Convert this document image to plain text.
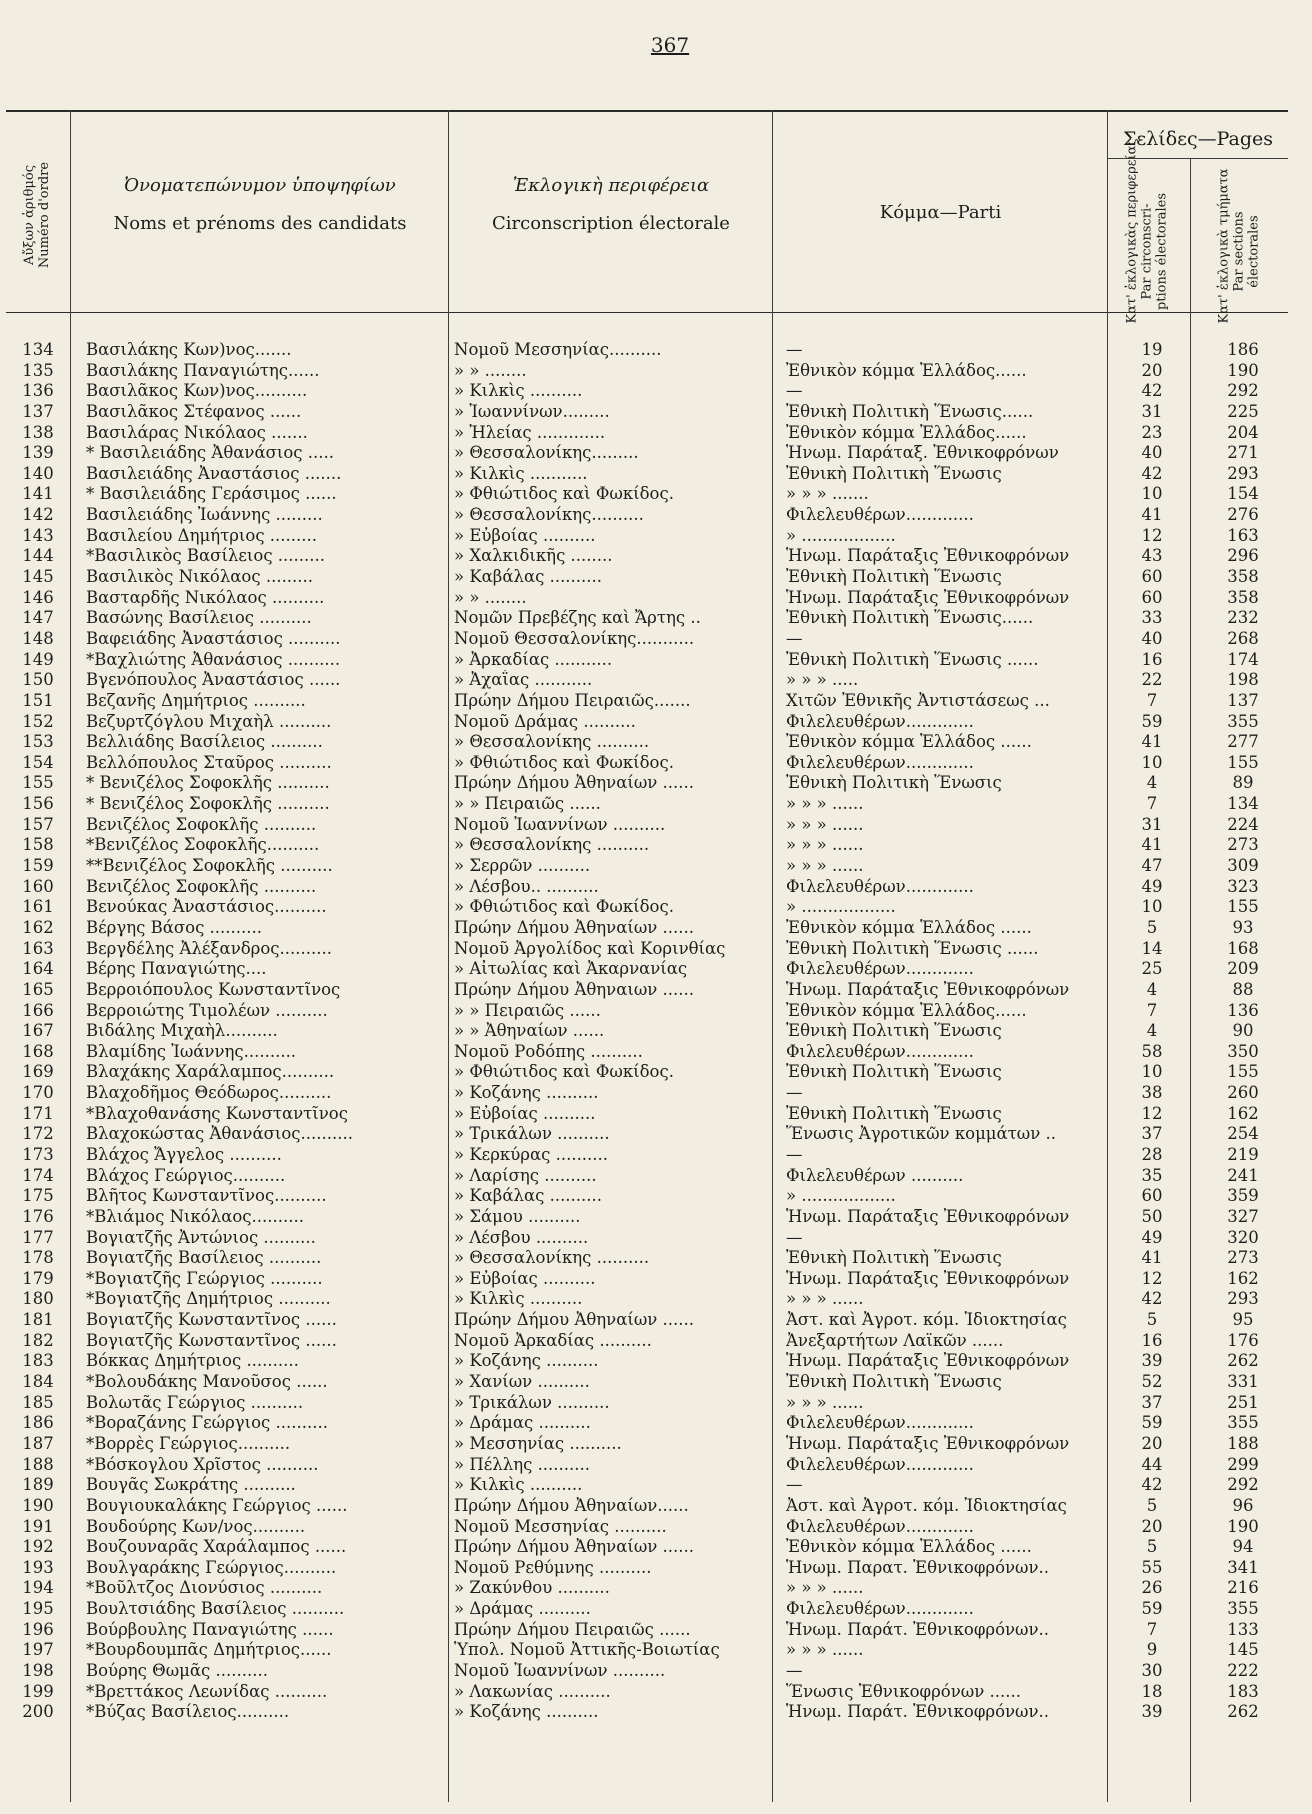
367
Αὔξων ἀριθμός Numéro d'ordre	Ὀνοματεπώνυμον ὑποψηφίων
Noms et prénoms des candidats
Ἐκλογικὴ περιφέρεια
Circonscription électorale
Κόμμα—Parti
Σελίδες—Pages
Κατ' ἐκλογικὰς περιφερείας Par circonscri- ptions électorales	Κατ' ἐκλογικὰ τμήματα Par sections électorales
134	Βασιλάκης Κων)νος.......	Νομοῦ Μεσσηνίας..........	—	19	186
135	Βασιλάκης Παναγιώτης......	» » ........	Ἐθνικὸν κόμμα Ἑλλάδος......	20	190
136	Βασιλᾶκος Κων)νος..........	» Κιλκὶς ..........	—	42	292
137	Βασιλᾶκος Στέφανος ......	» Ἰωαννίνων.........	Ἐθνικὴ Πολιτικὴ Ἕνωσις......	31	225
138	Βασιλάρας Νικόλαος .......	» Ἠλείας .............	Ἐθνικὸν κόμμα Ἑλλάδος......	23	204
139	* Βασιλειάδης Ἀθανάσιος .....	» Θεσσαλονίκης.........	Ἡνωμ. Παράταξ. Ἐθνικοφρόνων	40	271
140	Βασιλειάδης Ἀναστάσιος .......	» Κιλκὶς ...........	Ἐθνικὴ Πολιτικὴ Ἕνωσις	42	293
141	* Βασιλειάδης Γεράσιμος ......	» Φθιώτιδος καὶ Φωκίδος.	» » » .......	10	154
142	Βασιλειάδης Ἰωάννης .........	» Θεσσαλονίκης..........	Φιλελευθέρων.............	41	276
143	Βασιλείου Δημήτριος .........	» Εὐβοίας ..........	» ..................	12	163
144	*Βασιλικὸς Βασίλειος .........	» Χαλκιδικῆς ........	Ἡνωμ. Παράταξις Ἐθνικοφρόνων	43	296
145	Βασιλικὸς Νικόλαος .........	» Καβάλας ..........	Ἐθνικὴ Πολιτικὴ Ἕνωσις	60	358
146	Βασταρδῆς Νικόλαος ..........	» » ........	Ἡνωμ. Παράταξις Ἐθνικοφρόνων	60	358
147	Βασώνης Βασίλειος ..........	Νομῶν Πρεβέζης καὶ Ἄρτης ..	Ἐθνικὴ Πολιτικὴ Ἕνωσις......	33	232
148	Βαφειάδης Ἀναστάσιος ..........	Νομοῦ Θεσσαλονίκης...........	—	40	268
149	*Βαχλιώτης Ἀθανάσιος ..........	» Ἀρκαδίας ...........	Ἐθνικὴ Πολιτικὴ Ἕνωσις ......	16	174
150	Βγενόπουλος Ἀναστάσιος ......	» Ἀχαΐας ...........	» » » .....	22	198
151	Βεζανῆς Δημήτριος ..........	Πρώην Δήμου Πειραιῶς.......	Χιτῶν Ἐθνικῆς Ἀντιστάσεως ...	7	137
152	Βεζυρτζόγλου Μιχαὴλ ..........	Νομοῦ Δράμας ..........	Φιλελευθέρων.............	59	355
153	Βελλιάδης Βασίλειος ..........	» Θεσσαλονίκης ..........	Ἐθνικὸν κόμμα Ἑλλάδος ......	41	277
154	Βελλόπουλος Σταῦρος ..........	» Φθιώτιδος καὶ Φωκίδος.	Φιλελευθέρων.............	10	155
155	* Βενιζέλος Σοφοκλῆς ..........	Πρώην Δήμου Ἀθηναίων ......	Ἐθνικὴ Πολιτικὴ Ἕνωσις	4	89
156	* Βενιζέλος Σοφοκλῆς ..........	» » Πειραιῶς ......	» » » ......	7	134
157	Βενιζέλος Σοφοκλῆς ..........	Νομοῦ Ἰωαννίνων ..........	» » » ......	31	224
158	*Βενιζέλος Σοφοκλῆς..........	» Θεσσαλονίκης ..........	» » » ......	41	273
159	**Βενιζέλος Σοφοκλῆς ..........	» Σερρῶν ..........	» » » ......	47	309
160	Βενιζέλος Σοφοκλῆς ..........	» Λέσβου.. ..........	Φιλελευθέρων.............	49	323
161	Βενούκας Ἀναστάσιος..........	» Φθιώτιδος καὶ Φωκίδος.	» ..................	10	155
162	Βέργης Βάσος ..........	Πρώην Δήμου Ἀθηναίων ......	Ἐθνικὸν κόμμα Ἑλλάδος ......	5	93
163	Βεργδέλης Ἀλέξανδρος..........	Νομοῦ Ἀργολίδος καὶ Κορινθίας	Ἐθνικὴ Πολιτικὴ Ἕνωσις ......	14	168
164	Βέρης Παναγιώτης....	» Αἰτωλίας καὶ Ἀκαρνανίας	Φιλελευθέρων.............	25	209
165	Βερροιόπουλος Κωνσταντῖνος	Πρώην Δήμου Ἀθηναιων ......	Ἡνωμ. Παράταξις Ἐθνικοφρόνων	4	88
166	Βερροιώτης Τιμολέων ..........	» » Πειραιῶς ......	Ἐθνικὸν κόμμα Ἑλλάδος......	7	136
167	Βιδάλης Μιχαὴλ..........	» » Ἀθηναίων ......	Ἐθνικὴ Πολιτικὴ Ἕνωσις	4	90
168	Βλαμίδης Ἰωάννης..........	Νομοῦ Ροδόπης ..........	Φιλελευθέρων.............	58	350
169	Βλαχάκης Χαράλαμπος..........	» Φθιώτιδος καὶ Φωκίδος.	Ἐθνικὴ Πολιτικὴ Ἕνωσις	10	155
170	Βλαχοδῆμος Θεόδωρος..........	» Κοζάνης ..........	—	38	260
171	*Βλαχοθανάσης Κωνσταντῖνος	» Εὐβοίας ..........	Ἐθνικὴ Πολιτικὴ Ἕνωσις	12	162
172	Βλαχοκώστας Ἀθανάσιος..........	» Τρικάλων ..........	Ἕνωσις Ἀγροτικῶν κομμάτων ..	37	254
173	Βλάχος Ἄγγελος ..........	» Κερκύρας ..........	—	28	219
174	Βλάχος Γεώργιος..........	» Λαρίσης ..........	Φιλελευθέρων ..........	35	241
175	Βλῆτος Κωνσταντῖνος..........	» Καβάλας ..........	» ..................	60	359
176	*Βλιάμος Νικόλαος..........	» Σάμου ..........	Ἡνωμ. Παράταξις Ἐθνικοφρόνων	50	327
177	Βογιατζῆς Ἀντώνιος ..........	» Λέσβου ..........	—	49	320
178	Βογιατζῆς Βασίλειος ..........	» Θεσσαλονίκης ..........	Ἐθνικὴ Πολιτικὴ Ἕνωσις	41	273
179	*Βογιατζῆς Γεώργιος ..........	» Εὐβοίας ..........	Ἡνωμ. Παράταξις Ἐθνικοφρόνων	12	162
180	*Βογιατζῆς Δημήτριος ..........	» Κιλκὶς ..........	» » » ......	42	293
181	Βογιατζῆς Κωνσταντῖνος ......	Πρώην Δήμου Ἀθηναίων ......	Ἀστ. καὶ Ἀγροτ. κόμ. Ἰδιοκτησίας	5	95
182	Βογιατζῆς Κωνσταντῖνος ......	Νομοῦ Ἀρκαδίας ..........	Ἀνεξαρτήτων Λαϊκῶν ......	16	176
183	Βόκκας Δημήτριος ..........	» Κοζάνης ..........	Ἡνωμ. Παράταξις Ἐθνικοφρόνων	39	262
184	*Βολουδάκης Μανοῦσος ......	» Χανίων ..........	Ἐθνικὴ Πολιτικὴ Ἕνωσις	52	331
185	Βολωτᾶς Γεώργιος ..........	» Τρικάλων ..........	» » » ......	37	251
186	*Βοραζάνης Γεώργιος ..........	» Δράμας ..........	Φιλελευθέρων.............	59	355
187	*Βορρὲς Γεώργιος..........	» Μεσσηνίας ..........	Ἡνωμ. Παράταξις Ἐθνικοφρόνων	20	188
188	*Βόσκογλου Χρῖστος ..........	» Πέλλης ..........	Φιλελευθέρων.............	44	299
189	Βουγᾶς Σωκράτης ..........	» Κιλκὶς ..........	—	42	292
190	Βουγιουκαλάκης Γεώργιος ......	Πρώην Δήμου Ἀθηναίων......	Ἀστ. καὶ Ἀγροτ. κόμ. Ἰδιοκτησίας	5	96
191	Βουδούρης Κων/νος..........	Νομοῦ Μεσσηνίας ..........	Φιλελευθέρων.............	20	190
192	Βουζουναρᾶς Χαράλαμπος ......	Πρώην Δήμου Ἀθηναίων ......	Ἐθνικὸν κόμμα Ἑλλάδος ......	5	94
193	Βουλγαράκης Γεώργιος..........	Νομοῦ Ρεθύμνης ..........	Ἡνωμ. Παρατ. Ἐθνικοφρόνων..	55	341
194	*Βοῦλτζος Διονύσιος ..........	» Ζακύνθου ..........	» » » ......	26	216
195	Βουλτσιάδης Βασίλειος ..........	» Δράμας ..........	Φιλελευθέρων.............	59	355
196	Βούρβουλης Παναγιώτης ......	Πρώην Δήμου Πειραιῶς ......	Ἡνωμ. Παράτ. Ἐθνικοφρόνων..	7	133
197	*Βουρδουμπᾶς Δημήτριος......	Ὑπολ. Νομοῦ Ἀττικῆς-Βοιωτίας	» » » ......	9	145
198	Βούρης Θωμᾶς ..........	Νομοῦ Ἰωαννίνων ..........	—	30	222
199	*Βρεττάκος Λεωνίδας ..........	» Λακωνίας ..........	Ἕνωσις Ἐθνικοφρόνων ......	18	183
200	*Βύζας Βασίλειος..........	» Κοζάνης ..........	Ἡνωμ. Παράτ. Ἐθνικοφρόνων..	39	262
